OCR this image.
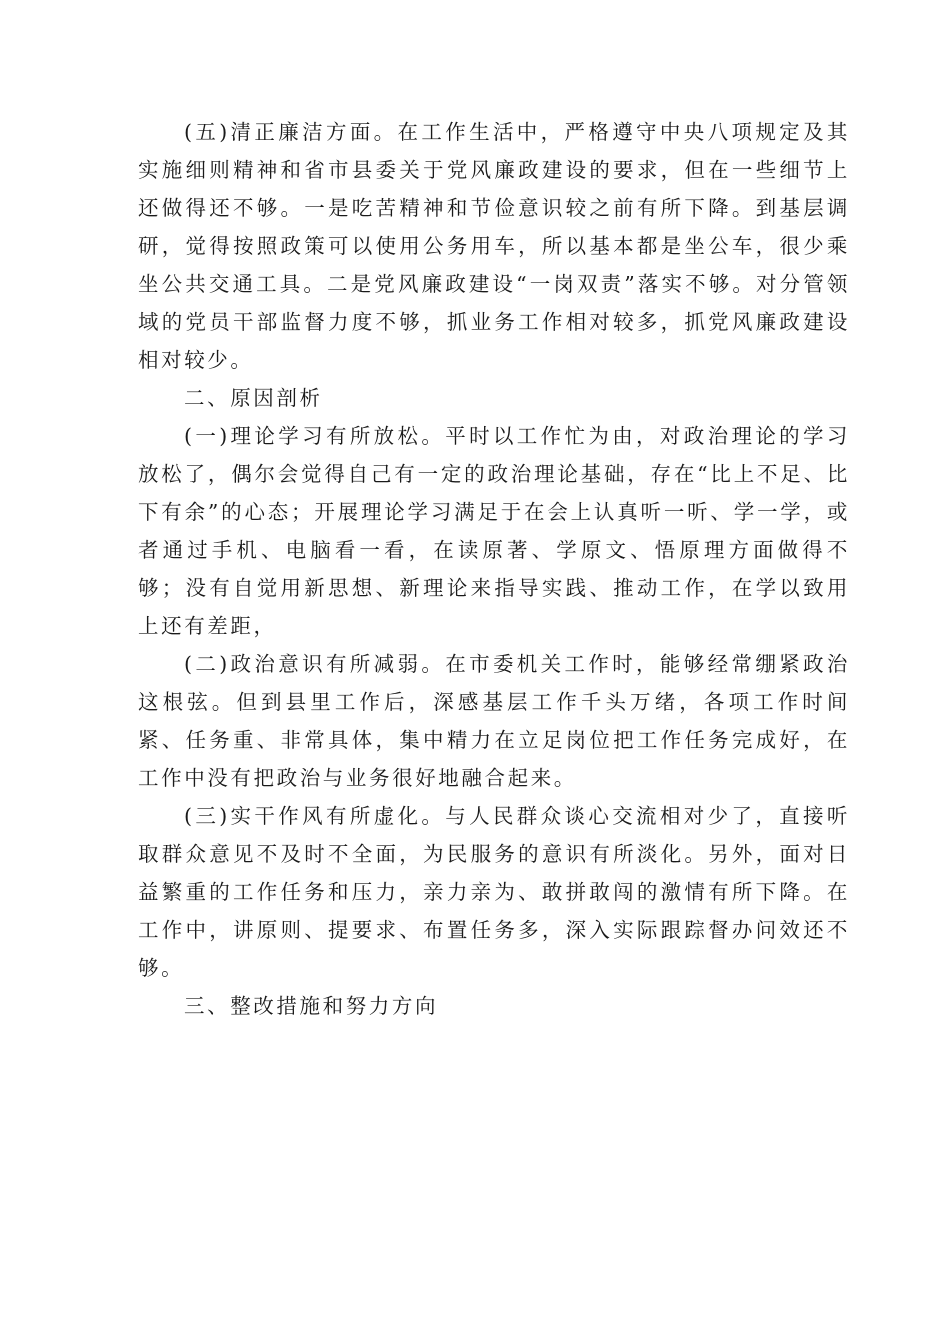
(五)清正廉洁方面。在工作生活中，严格遵守中央八项规定及其实施细则精神和省市县委关于党风廉政建设的要求，但在一些细节上还做得还不够。一是吃苦精神和节俭意识较之前有所下降。到基层调研，觉得按照政策可以使用公务用车，所以基本都是坐公车，很少乘坐公共交通工具。二是党风廉政建设“一岗双责”落实不够。对分管领域的党员干部监督力度不够，抓业务工作相对较多，抓党风廉政建设相对较少。

二、原因剖析

(一)理论学习有所放松。平时以工作忙为由，对政治理论的学习放松了，偶尔会觉得自己有一定的政治理论基础，存在“比上不足、比下有余”的心态；开展理论学习满足于在会上认真听一听、学一学，或者通过手机、电脑看一看，在读原著、学原文、悟原理方面做得不够；没有自觉用新思想、新理论来指导实践、推动工作，在学以致用上还有差距，

(二)政治意识有所减弱。在市委机关工作时，能够经常绷紧政治这根弦。但到县里工作后，深感基层工作千头万绪，各项工作时间紧、任务重、非常具体，集中精力在立足岗位把工作任务完成好，在工作中没有把政治与业务很好地融合起来。

(三)实干作风有所虚化。与人民群众谈心交流相对少了，直接听取群众意见不及时不全面，为民服务的意识有所淡化。另外，面对日益繁重的工作任务和压力，亲力亲为、敢拼敢闯的激情有所下降。在工作中，讲原则、提要求、布置任务多，深入实际跟踪督办问效还不够。

三、整改措施和努力方向
